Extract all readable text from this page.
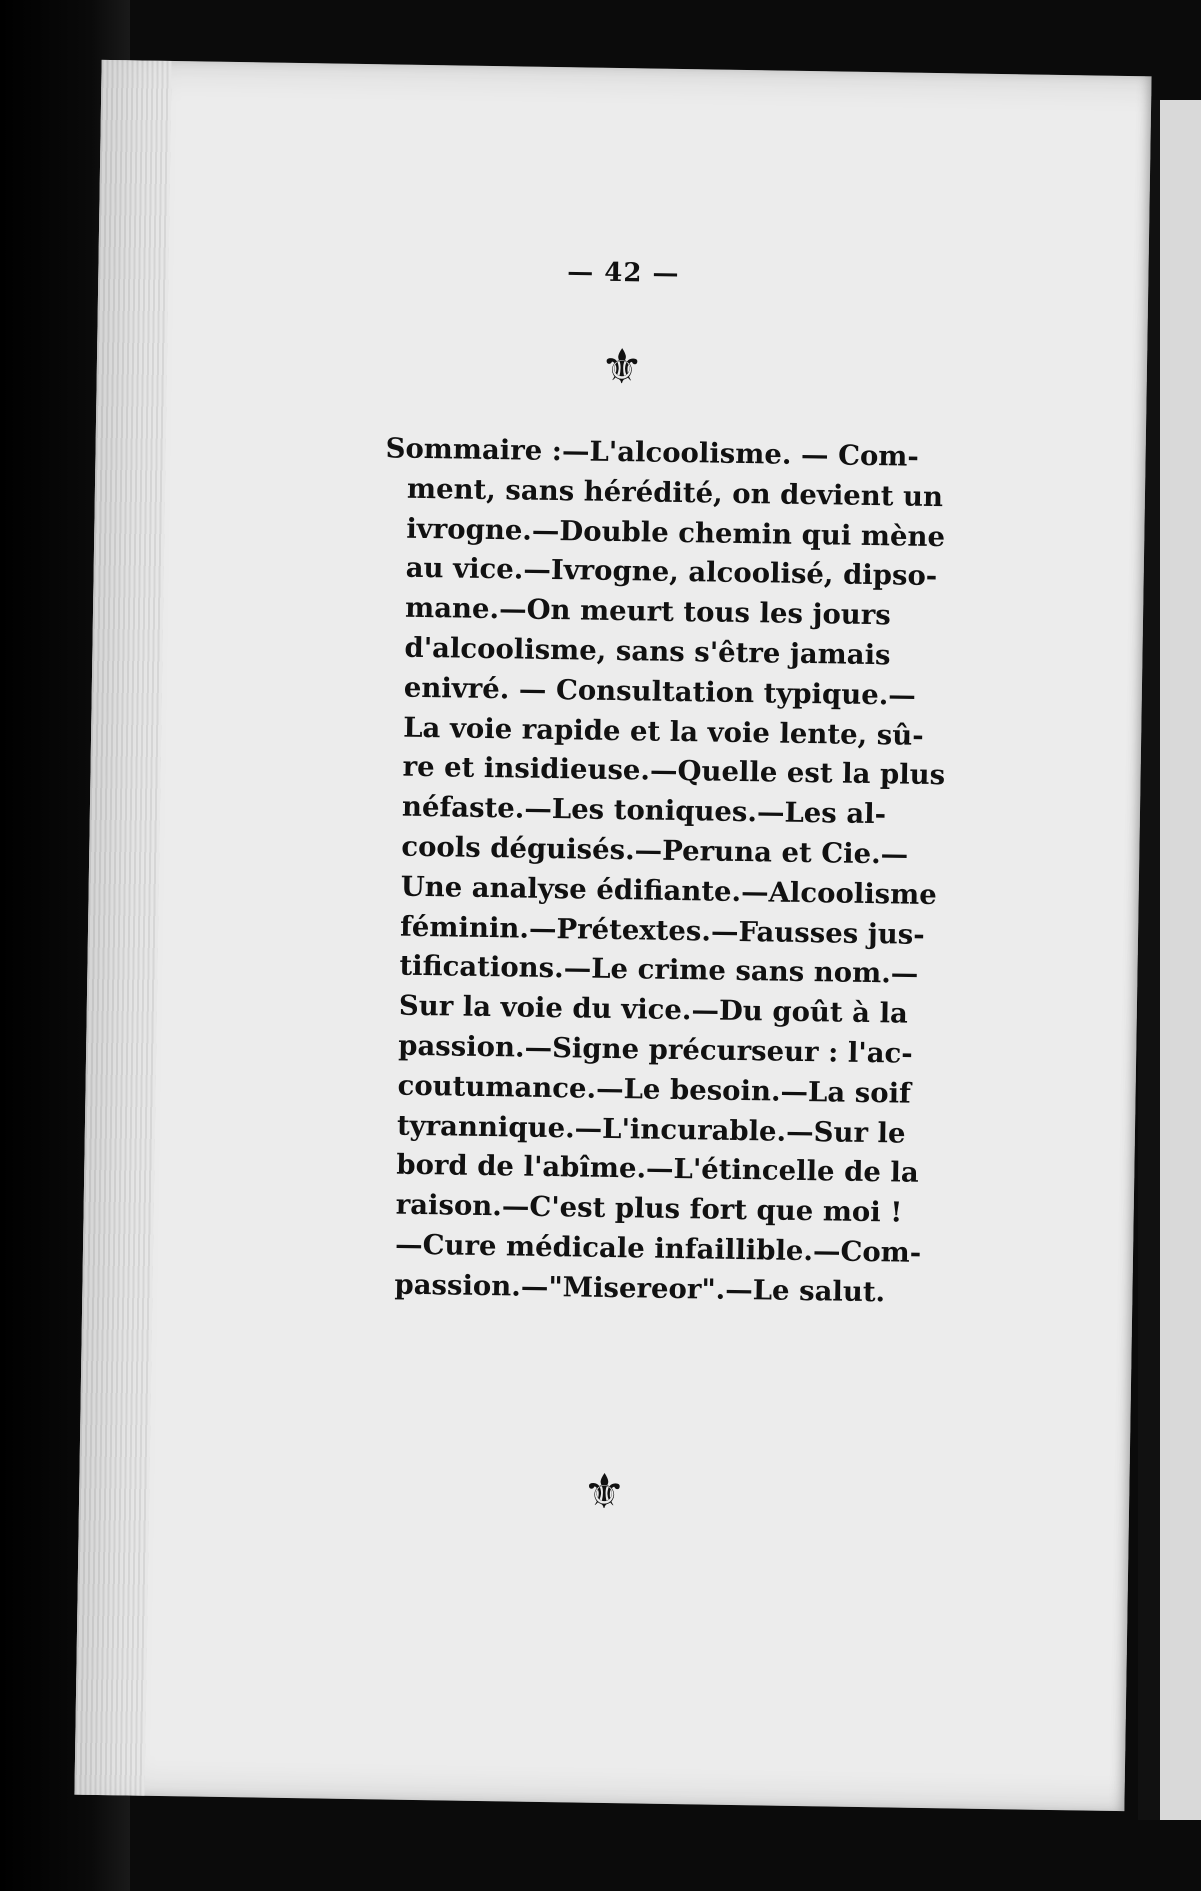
— 42 —
⚜

Sommaire :—L'alcoolisme. — Com-
ment, sans hérédité, on devient un
ivrogne.—Double chemin qui mène
au vice.—Ivrogne, alcoolisé, dipso-
mane.—On meurt tous les jours
d'alcoolisme, sans s'être jamais
enivré. — Consultation typique.—
La voie rapide et la voie lente, sû-
re et insidieuse.—Quelle est la plus
néfaste.—Les toniques.—Les al-
cools déguisés.—Peruna et Cie.—
Une analyse édifiante.—Alcoolisme
féminin.—Prétextes.—Fausses jus-
tifications.—Le crime sans nom.—
Sur la voie du vice.—Du goût à la
passion.—Signe précurseur : l'ac-
coutumance.—Le besoin.—La soif
tyrannique.—L'incurable.—Sur le
bord de l'abîme.—L'étincelle de la
raison.—C'est plus fort que moi !
—Cure médicale infaillible.—Com-
passion.—"Misereor".—Le salut.

⚜
